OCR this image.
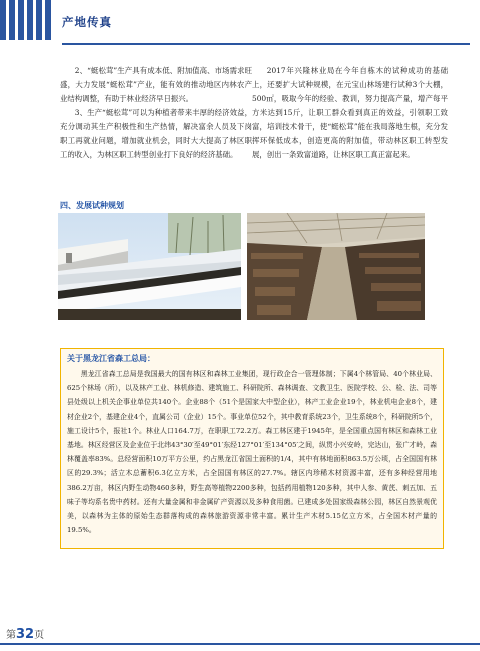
产地传真

2、“蜓松茸”生产具有成本低、附加值高、市场需求旺盛，大力发展“蜓松茸”产业，能有效的推动地区内林农产业结构调整，有助于林业经济早日振兴。

3、生产“蜓松茸”可以为种植者带来丰厚的经济效益，充分调动其生产积极性和生产热情，解决富余人员及下岗职工再就业问题，增加就业机会，同时大大提高了林区职工的收入，为林区职工转型创业打下良好的经济基础。

2017年兴隆林业局在今年自栋木的试种成功的基础上，还要扩大试种规模，在元宝山林场建行试种3个大棚，500㎡，吸取今年的经验、教训，努力提高产量，增产每平方米达到15斤，让职工群众看到真正的效益，引领职工致富，培训技术骨干，使“蜓松茸”能在我局落地生根，充分发挥环保低成本，创造更高的附加值，带动林区职工转型发展，创出一条致富道路，让林区职工真正富起来。

四、发展试种规划
关于黑龙江省森工总局：
黑龙江省森工总局是我国最大的国有林区和森林工业集团，现行政企合一管理体制；下属4个林管局、40个林业局、625个林场（所），以及林产工业、林机修造、建筑施工、科研院所、森林调查、文教卫生、医院学校、公、检、法、司等县处级以上机关企事业单位共140个。企业88个（51个是国家大中型企业），林产工业企业19个，林业机电企业8个，建材企业2个，基建企业4个，直属公司（企业）15个。事业单位52个，其中教育系统23个，卫生系统8个，科研院所5个，施工设计5个，报社1个。林业人口164.7万，在职职工72.2万。森工林区建于1945年，是全国重点国有林区和森林工业基地。林区经营区及企业位于北纬43°30′至49°01′东经127°01′至134°05′之间，纵贯小兴安岭，完达山，张广才岭，森林覆盖率83%。总经营面积10万平方公里，约占黑龙江省国土面积的1/4，其中有林地面积863.5万公顷，占全国国有林区的29.3%；活立木总蓄积6.3亿立方米，占全国国有林区的27.7%。辖区内珍稀木材资源丰富，还有多种经营用地386.2万亩，林区内野生动物460多种，野生高等植物2200多种，包括药用植物120多种，其中人参、黄芪、刺五加、五味子等均系名贵中药材。还有大量金属和非金属矿产资源以及多种食用菌。已建成多处国家级森林公园，林区自然景观优美，以森林为主体的原始生态群落构成的森林旅游资源非常丰富。累计生产木材5.15亿立方米，占全国木材产量的19.5%。
第32页
